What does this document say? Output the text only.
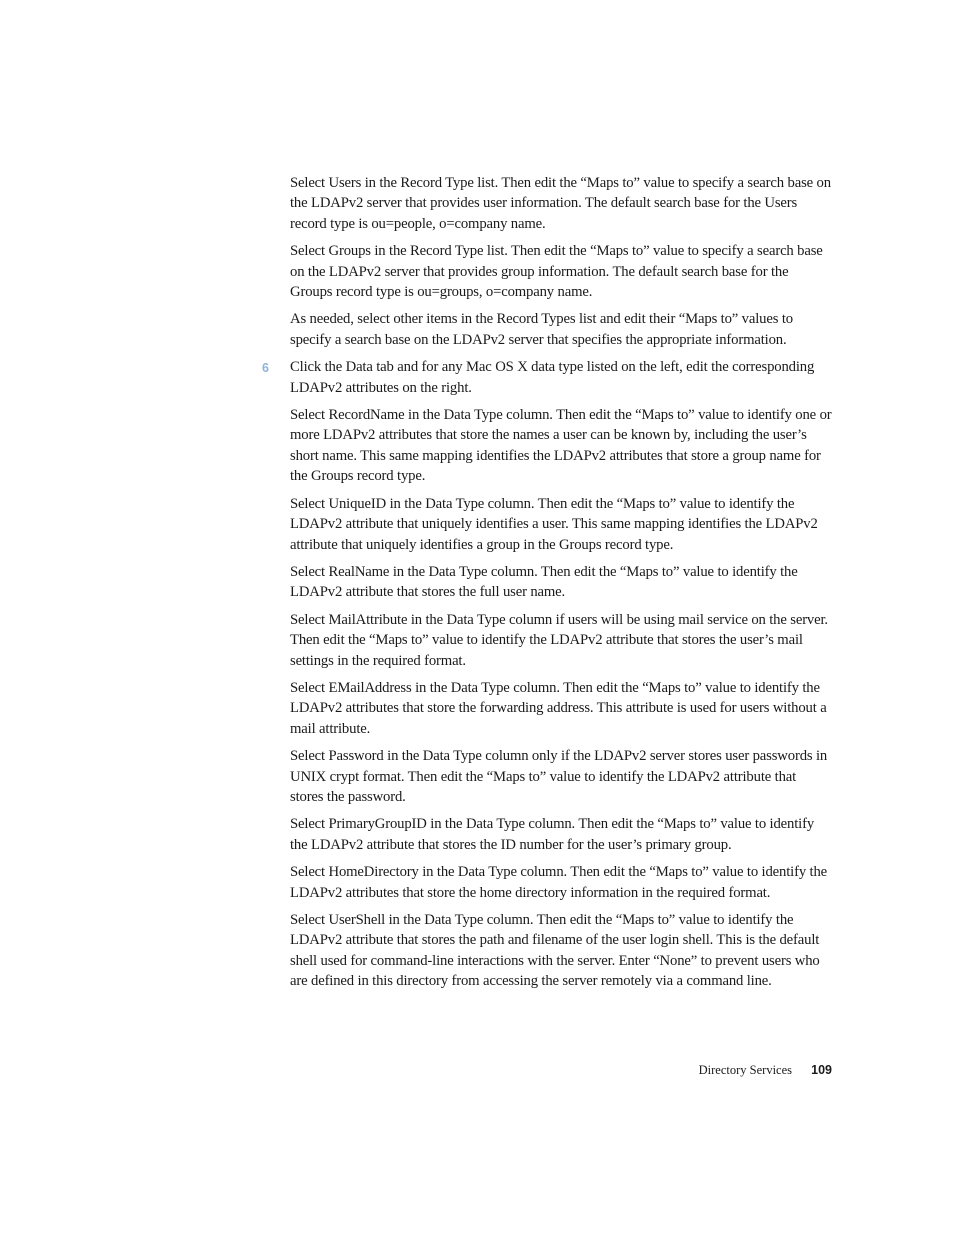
Select Users in the Record Type list. Then edit the “Maps to” value to specify a search base on the LDAPv2 server that provides user information. The default search base for the Users record type is ou=people, o=company name.

Select Groups in the Record Type list. Then edit the “Maps to” value to specify a search base on the LDAPv2 server that provides group information. The default search base for the Groups record type is ou=groups, o=company name.

As needed, select other items in the Record Types list and edit their “Maps to” values to specify a search base on the LDAPv2 server that specifies the appropriate information.

6 Click the Data tab and for any Mac OS X data type listed on the left, edit the corresponding LDAPv2 attributes on the right.

Select RecordName in the Data Type column. Then edit the “Maps to” value to identify one or more LDAPv2 attributes that store the names a user can be known by, including the user’s short name. This same mapping identifies the LDAPv2 attributes that store a group name for the Groups record type.

Select UniqueID in the Data Type column. Then edit the “Maps to” value to identify the LDAPv2 attribute that uniquely identifies a user. This same mapping identifies the LDAPv2 attribute that uniquely identifies a group in the Groups record type.

Select RealName in the Data Type column. Then edit the “Maps to” value to identify the LDAPv2 attribute that stores the full user name.

Select MailAttribute in the Data Type column if users will be using mail service on the server. Then edit the “Maps to” value to identify the LDAPv2 attribute that stores the user’s mail settings in the required format.

Select EMailAddress in the Data Type column. Then edit the “Maps to” value to identify the LDAPv2 attributes that store the forwarding address. This attribute is used for users without a mail attribute.

Select Password in the Data Type column only if the LDAPv2 server stores user passwords in UNIX crypt format. Then edit the “Maps to” value to identify the LDAPv2 attribute that stores the password.

Select PrimaryGroupID in the Data Type column. Then edit the “Maps to” value to identify the LDAPv2 attribute that stores the ID number for the user’s primary group.

Select HomeDirectory in the Data Type column. Then edit the “Maps to” value to identify the LDAPv2 attributes that store the home directory information in the required format.

Select UserShell in the Data Type column. Then edit the “Maps to” value to identify the LDAPv2 attribute that stores the path and filename of the user login shell. This is the default shell used for command-line interactions with the server. Enter “None” to prevent users who are defined in this directory from accessing the server remotely via a command line.

Directory Services 109
